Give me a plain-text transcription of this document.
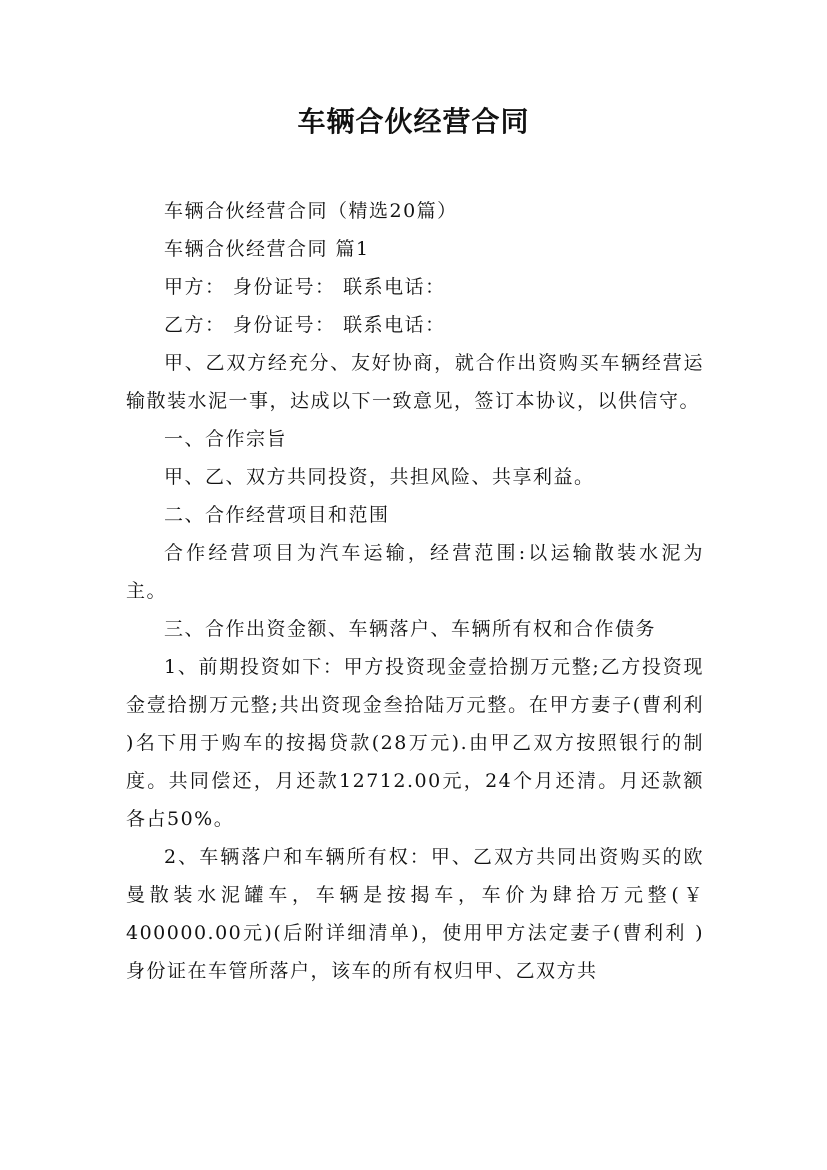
车辆合伙经营合同

车辆合伙经营合同（精选20篇）

车辆合伙经营合同 篇1

甲方： 身份证号： 联系电话：

乙方： 身份证号： 联系电话：

甲、乙双方经充分、友好协商，就合作出资购买车辆经营运输散装水泥一事，达成以下一致意见，签订本协议，以供信守。

一、合作宗旨

甲、乙、双方共同投资，共担风险、共享利益。

二、合作经营项目和范围

合作经营项目为汽车运输，经营范围:以运输散装水泥为主。

三、合作出资金额、车辆落户、车辆所有权和合作债务

1、前期投资如下：甲方投资现金壹拾捌万元整;乙方投资现金壹拾捌万元整;共出资现金叁拾陆万元整。在甲方妻子(曹利利 )名下用于购车的按揭贷款(28万元).由甲乙双方按照银行的制度。共同偿还，月还款12712.00元，24个月还清。月还款额各占50%。

2、车辆落户和车辆所有权：甲、乙双方共同出资购买的欧曼散装水泥罐车，车辆是按揭车，车价为肆拾万元整(￥ 400000.00元)(后附详细清单)，使用甲方法定妻子(曹利利 )身份证在车管所落户，该车的所有权归甲、乙双方共
